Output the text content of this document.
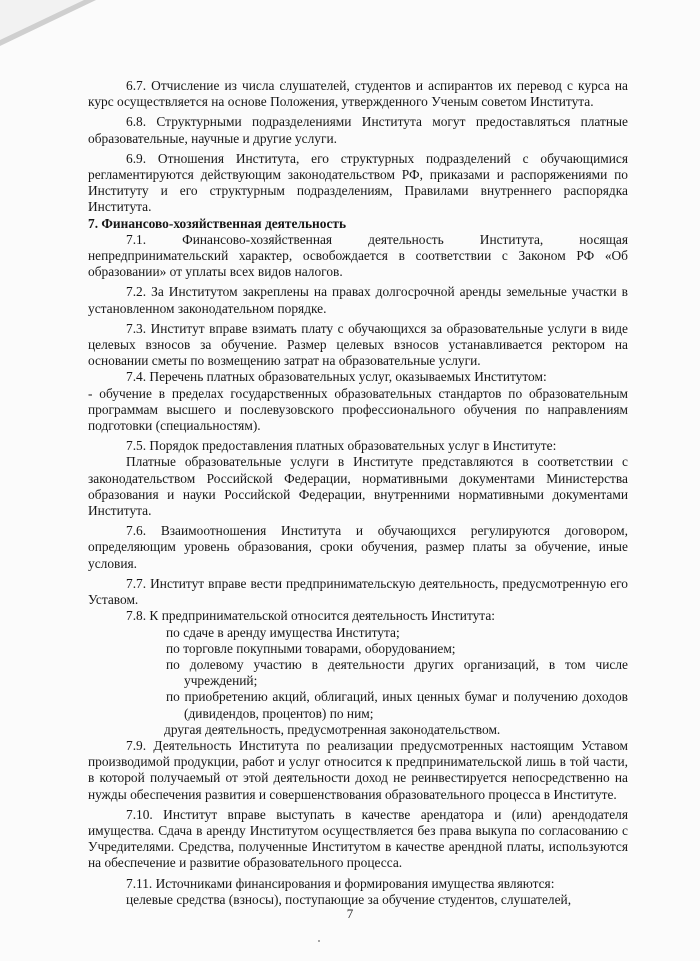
6.7. Отчисление из числа слушателей, студентов и аспирантов их перевод с курса на курс осуществляется на основе Положения, утвержденного Ученым советом Института.

6.8. Структурными подразделениями Института могут предоставляться платные образовательные, научные и другие услуги.

6.9. Отношения Института, его структурных подразделений с обучающимися регламентируются действующим законодательством РФ, приказами и распоряжениями по Институту и его структурным подразделениям, Правилами внутреннего распорядка Института.

7. Финансово-хозяйственная деятельность

7.1. Финансово-хозяйственная деятельность Института, носящая непредпринимательский характер, освобождается в соответствии с Законом РФ «Об образовании» от уплаты всех видов налогов.

7.2. За Институтом закреплены на правах долгосрочной аренды земельные участки в установленном законодательном порядке.

7.3. Институт вправе взимать плату с обучающихся за образовательные услуги в виде целевых взносов за обучение. Размер целевых взносов устанавливается ректором на основании сметы по возмещению затрат на образовательные услуги.

7.4. Перечень платных образовательных услуг, оказываемых Институтом:

- обучение в пределах государственных образовательных стандартов по образовательным программам высшего и послевузовского профессионального обучения по направлениям подготовки (специальностям).

7.5. Порядок предоставления платных образовательных услуг в Институте:

Платные образовательные услуги в Институте представляются в соответствии с законодательством Российской Федерации, нормативными документами Министерства образования и науки Российской Федерации, внутренними нормативными документами Института.

7.6. Взаимоотношения Института и обучающихся регулируются договором, определяющим уровень образования, сроки обучения, размер платы за обучение, иные условия.

7.7. Институт вправе вести предпринимательскую деятельность, предусмотренную его Уставом.

7.8. К предпринимательской относится деятельность Института:

по сдаче в аренду имущества Института;

по торговле покупными товарами, оборудованием;

по долевому участию в деятельности других организаций, в том числе учреждений;

по приобретению акций, облигаций, иных ценных бумаг и получению доходов (дивидендов, процентов) по ним;

другая деятельность, предусмотренная законодательством.

7.9. Деятельность Института по реализации предусмотренных настоящим Уставом производимой продукции, работ и услуг относится к предпринимательской лишь в той части, в которой получаемый от этой деятельности доход не реинвестируется непосредственно на нужды обеспечения развития и совершенствования образовательного процесса в Институте.

7.10. Институт вправе выступать в качестве арендатора и (или) арендодателя имущества. Сдача в аренду Институтом осуществляется без права выкупа по согласованию с Учредителями. Средства, полученные Институтом в качестве арендной платы, используются на обеспечение и развитие образовательного процесса.

7.11. Источниками финансирования и формирования имущества являются:

целевые средства (взносы), поступающие за обучение студентов, слушателей,

7
